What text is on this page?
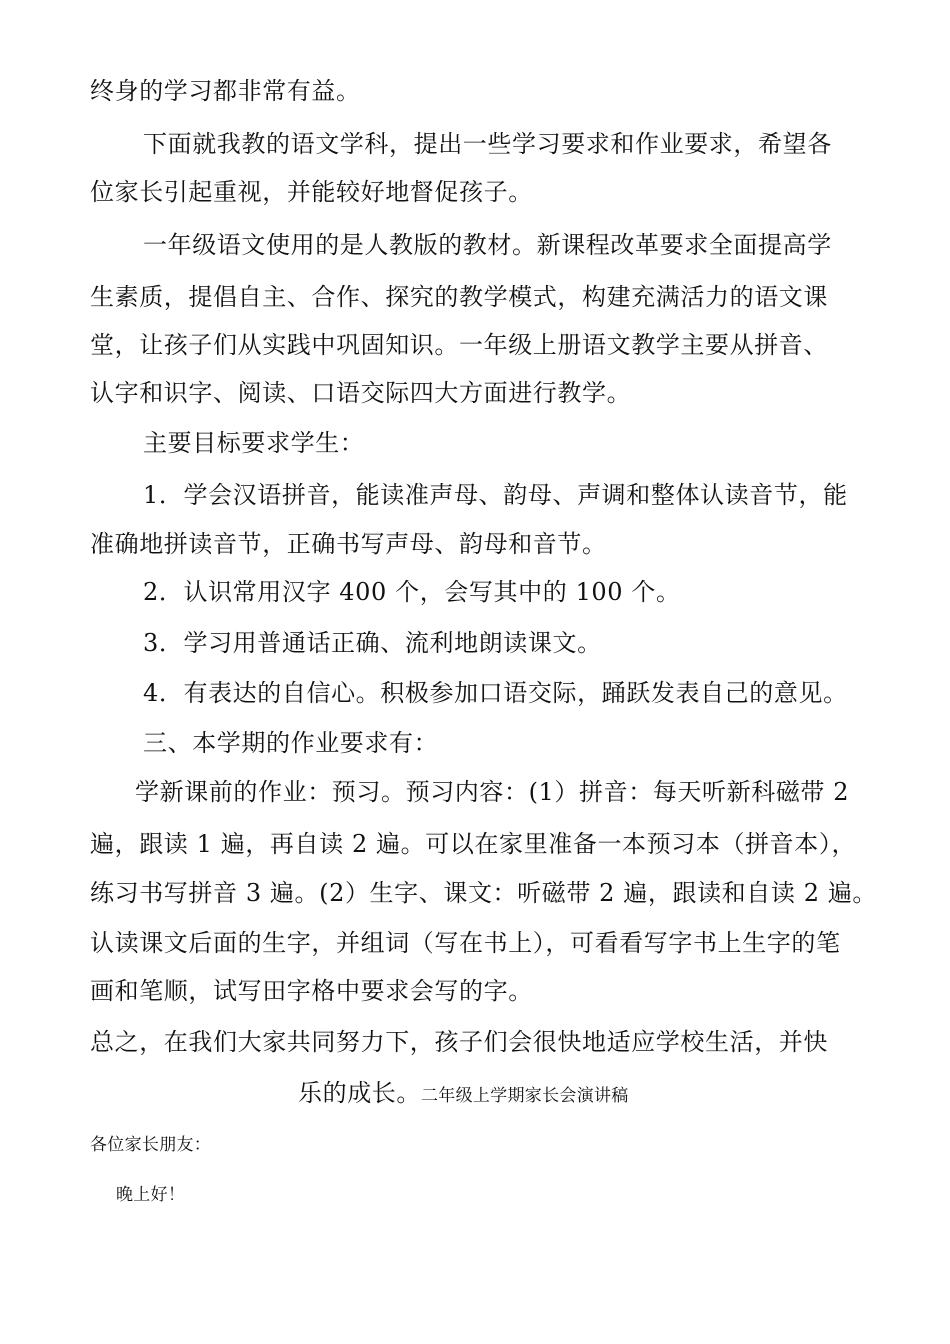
终身的学习都非常有益。
下面就我教的语文学科，提出一些学习要求和作业要求，希望各
位家长引起重视，并能较好地督促孩子。
一年级语文使用的是人教版的教材。新课程改革要求全面提高学
生素质，提倡自主、合作、探究的教学模式，构建充满活力的语文课
堂，让孩子们从实践中巩固知识。一年级上册语文教学主要从拼音、
认字和识字、阅读、口语交际四大方面进行教学。
主要目标要求学生：
1．学会汉语拼音，能读准声母、韵母、声调和整体认读音节，能
准确地拼读音节，正确书写声母、韵母和音节。
2．认识常用汉字 400 个，会写其中的 100 个。
3．学习用普通话正确、流利地朗读课文。
4．有表达的自信心。积极参加口语交际，踊跃发表自己的意见。
三、本学期的作业要求有：
学新课前的作业：预习。预习内容：(1）拼音：每天听新科磁带 2
遍，跟读 1 遍，再自读 2 遍。可以在家里准备一本预习本（拼音本），
练习书写拼音 3 遍。(2）生字、课文：听磁带 2 遍，跟读和自读 2 遍。
认读课文后面的生字，并组词（写在书上），可看看写字书上生字的笔
画和笔顺，试写田字格中要求会写的字。
总之，在我们大家共同努力下，孩子们会很快地适应学校生活，并快
乐的成长。二年级上学期家长会演讲稿
各位家长朋友：
晚上好！
